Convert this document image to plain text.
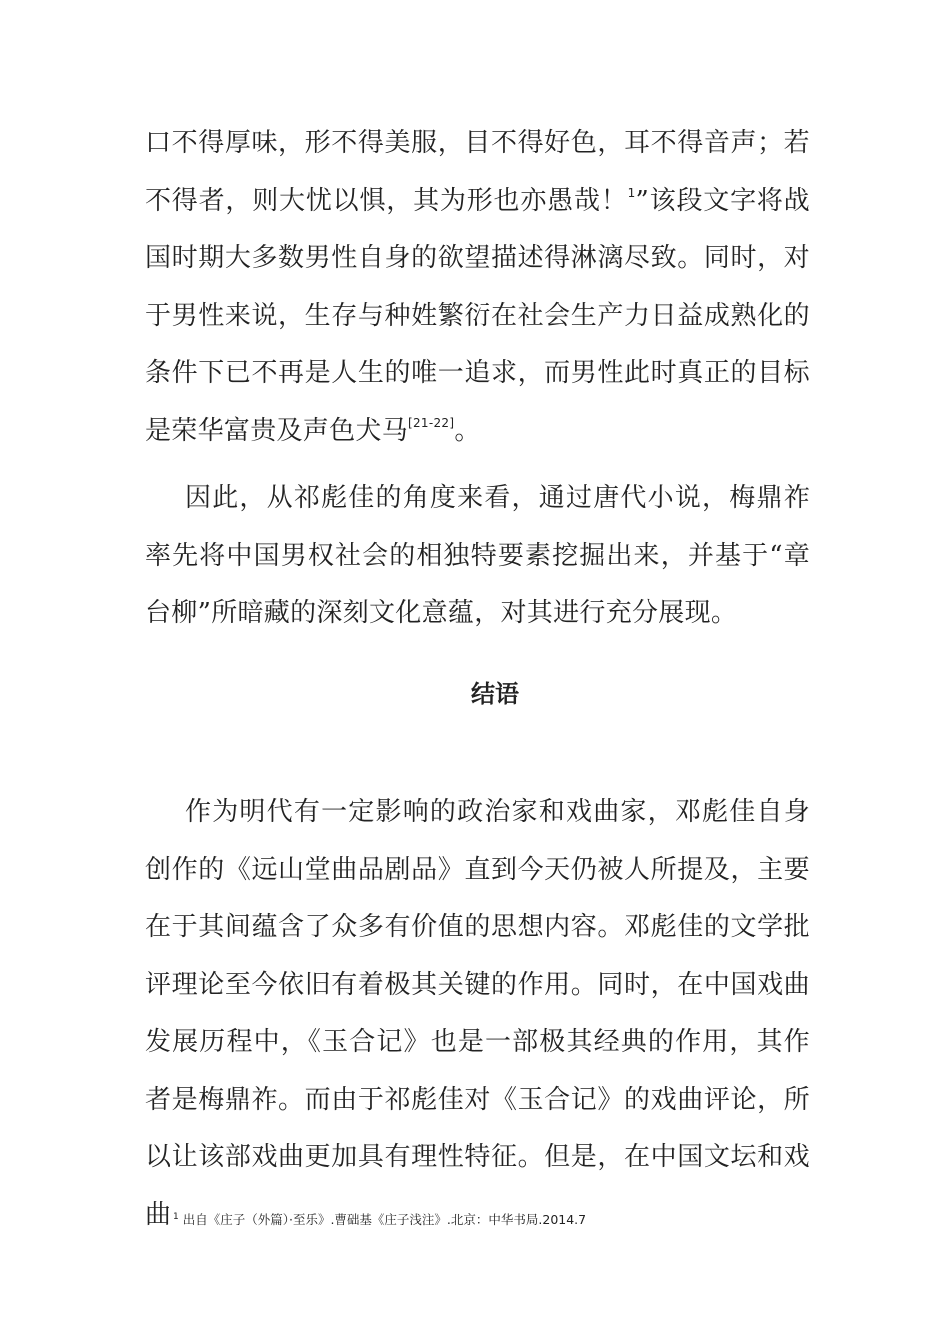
口不得厚味，形不得美服，目不得好色，耳不得音声；若不得者，则大忧以惧，其为形也亦愚哉！$^1$”该段文字将战国时期大多数男性自身的欲望描述得淋漓尽致。同时，对于男性来说，生存与种姓繁衍在社会生产力日益成熟化的条件下已不再是人生的唯一追求，而男性此时真正的目标是荣华富贵及声色犬马[21-22]。

因此，从祁彪佳的角度来看，通过唐代小说，梅鼎祚率先将中国男权社会的相独特要素挖掘出来，并基于“章台柳”所暗藏的深刻文化意蕴，对其进行充分展现。

结语

作为明代有一定影响的政治家和戏曲家，邓彪佳自身创作的《远山堂曲品剧品》直到今天仍被人所提及，主要在于其间蕴含了众多有价值的思想内容。邓彪佳的文学批评理论至今依旧有着极其关键的作用。同时，在中国戏曲发展历程中，《玉合记》也是一部极其经典的作用，其作者是梅鼎祚。而由于祁彪佳对《玉合记》的戏曲评论，所以让该部戏曲更加具有理性特征。但是，在中国文坛和戏曲 $^1$ 出自《庄子（外篇）·至乐》.曹础基《庄子浅注》.北京：中华书局.2014.7
